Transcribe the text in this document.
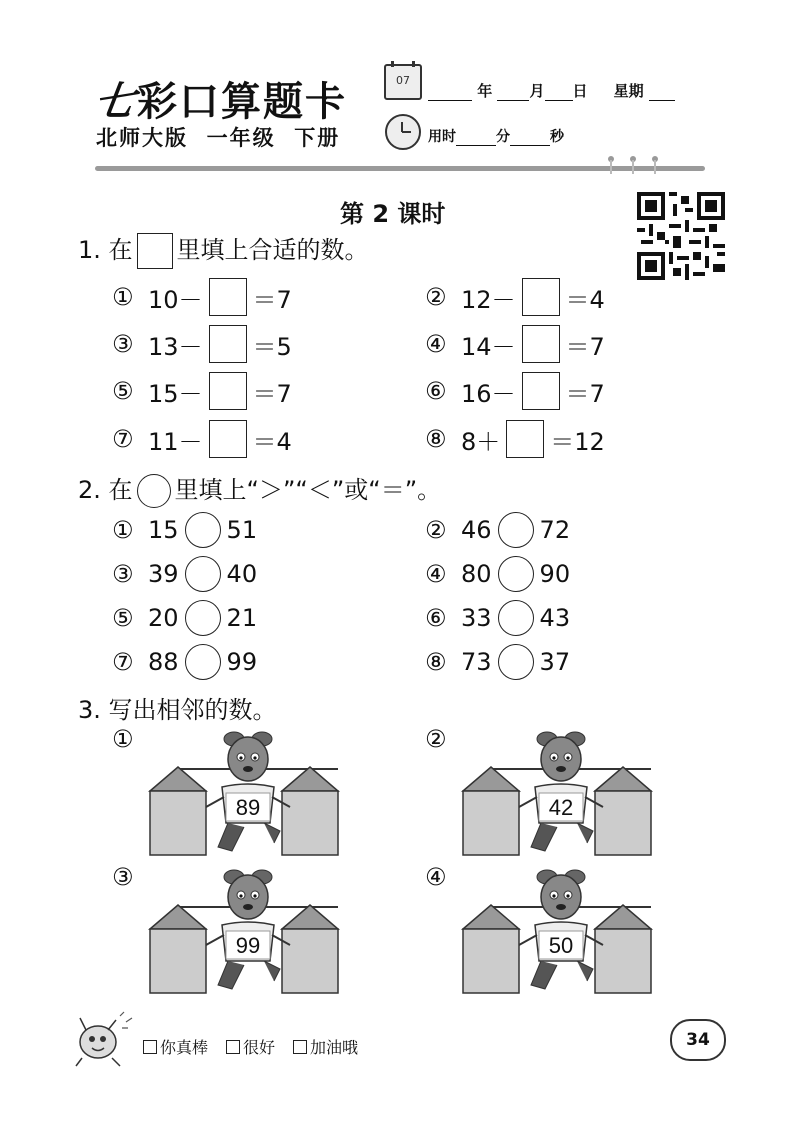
七彩口算题卡
北师大版  一年级  下册
07
年 月 日 星期
用时	分	秒
第 2 课时
1. 在 里填上合适的数。
① 10－ ＝7	② 12－ ＝4
③ 13－ ＝5	④ 14－ ＝7
⑤ 15－ ＝7	⑥ 16－ ＝7
⑦ 11－ ＝4	⑧ 8＋ ＝12
2. 在 里填上“＞”“＜”或“＝”。
① 15 51	② 46 72
③ 39 40	④ 80 90
⑤ 20 21	⑥ 33 43
⑦ 88 99	⑧ 73 37
3. 写出相邻的数。
①
89
②
42
③
99
④
50
你真棒	很好	加油哦	34
